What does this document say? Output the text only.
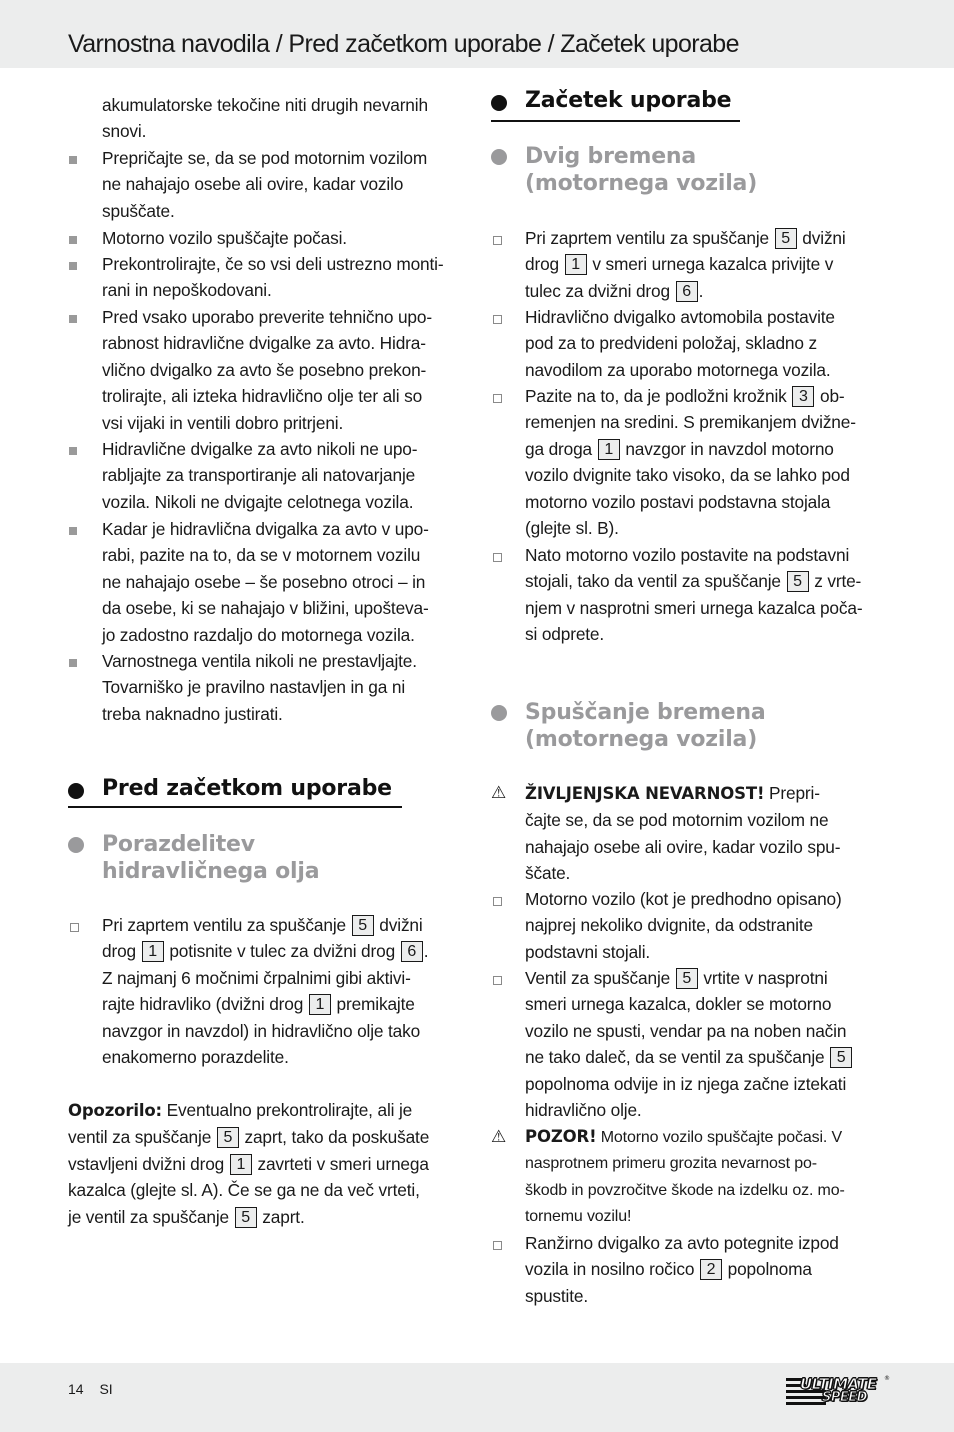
Varnostna navodila / Pred začetkom uporabe / Začetek uporabe
akumulatorske tekočine niti drugih nevarnih
snovi.
Prepričajte se, da se pod motornim vozilom
ne nahajajo osebe ali ovire, kadar vozilo
spuščate.
Motorno vozilo spuščajte počasi.
Prekontrolirajte, če so vsi deli ustrezno monti-
rani in nepoškodovani.
Pred vsako uporabo preverite tehnično upo-
rabnost hidravlične dvigalke za avto. Hidra-
vlično dvigalko za avto še posebno prekon-
trolirajte, ali izteka hidravlično olje ter ali so
vsi vijaki in ventili dobro pritrjeni.
Hidravlične dvigalke za avto nikoli ne upo-
rabljajte za transportiranje ali natovarjanje
vozila. Nikoli ne dvigajte celotnega vozila.
Kadar je hidravlična dvigalka za avto v upo-
rabi, pazite na to, da se v motornem vozilu
ne nahajajo osebe – še posebno otroci – in
da osebe, ki se nahajajo v bližini, upošteva-
jo zadostno razdaljo do motornega vozila.
Varnostnega ventila nikoli ne prestavljajte.
Tovarniško je pravilno nastavljen in ga ni
treba naknadno justirati.
Pred začetkom uporabe
Porazdelitev
hidravličnega olja
Pri zaprtem ventilu za spuščanje 5 dvižni
drog 1 potisnite v tulec za dvižni drog 6 .
Z najmanj 6 močnimi črpalnimi gibi aktivi-
rajte hidravliko (dvižni drog 1 premikajte
navzgor in navzdol) in hidravlično olje tako
enakomerno porazdelite.
Opozorilo: Eventualno prekontrolirajte, ali je
ventil za spuščanje 5 zaprt, tako da poskušate
vstavljeni dvižni drog 1 zavrteti v smeri urnega
kazalca (glejte sl. A). Če se ga ne da več vrteti,
je ventil za spuščanje 5 zaprt.
Začetek uporabe
Dvig bremena
(motornega vozila)
Pri zaprtem ventilu za spuščanje 5 dvižni
drog 1 v smeri urnega kazalca privijte v
tulec za dvižni drog 6 .
Hidravlično dvigalko avtomobila postavite
pod za to predvideni položaj, skladno z
navodilom za uporabo motornega vozila.
Pazite na to, da je podložni krožnik 3 ob-
remenjen na sredini. S premikanjem dvižne-
ga droga 1 navzgor in navzdol motorno
vozilo dvignite tako visoko, da se lahko pod
motorno vozilo postavi podstavna stojala
(glejte sl. B).
Nato motorno vozilo postavite na podstavni
stojali, tako da ventil za spuščanje 5 z vrte-
njem v nasprotni smeri urnega kazalca poča-
si odprete.
Spuščanje bremena
(motornega vozila)
⚠ ŽIVLJENJSKA NEVARNOST! Prepri-
čajte se, da se pod motornim vozilom ne
nahajajo osebe ali ovire, kadar vozilo spu-
ščate.
Motorno vozilo (kot je predhodno opisano)
najprej nekoliko dvignite, da odstranite
podstavni stojali.
Ventil za spuščanje 5 vrtite v nasprotni
smeri urnega kazalca, dokler se motorno
vozilo ne spusti, vendar pa na noben način
ne tako daleč, da se ventil za spuščanje 5
popolnoma odvije in iz njega začne iztekati
hidravlično olje.
⚠ POZOR! Motorno vozilo spuščajte počasi. V
nasprotnem primeru grozita nevarnost po-
škodb in povzročitve škode na izdelku oz. mo-
tornemu vozilu!
Ranžirno dvigalko za avto potegnite izpod
vozila in nosilno ročico 2 popolnoma
spustite.
14 SI	ULTIMATE
SPEED
®
